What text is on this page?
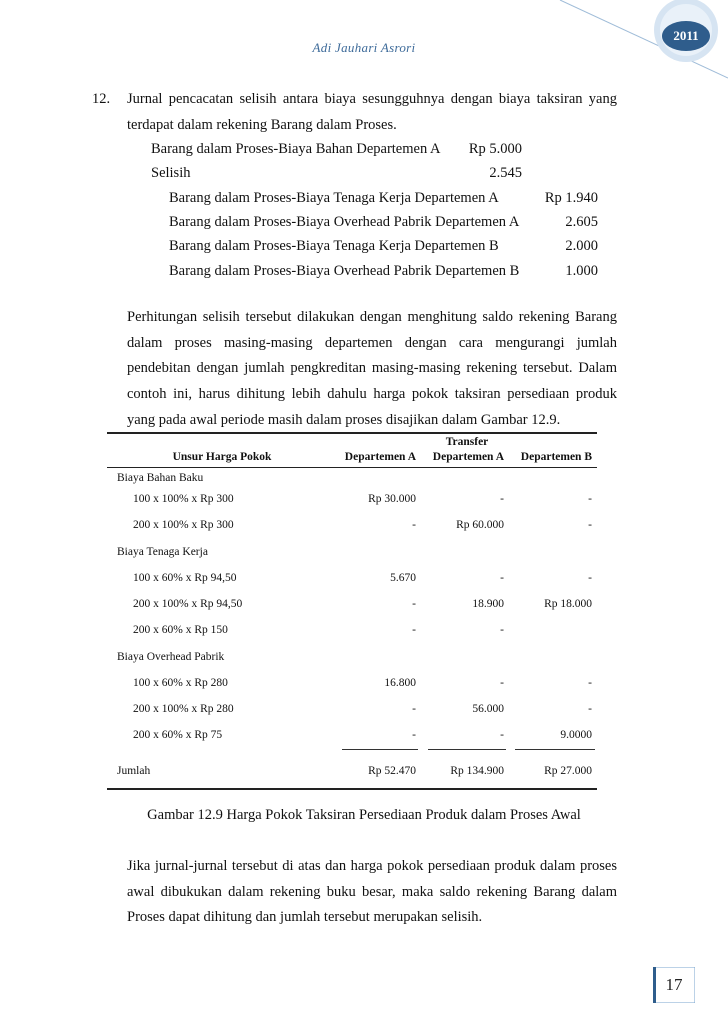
2011
Adi Jauhari Asrori
12. Jurnal pencacatan selisih antara biaya sesungguhnya dengan biaya taksiran yang
terdapat dalam rekening Barang dalam Proses.
Barang dalam Proses-Biaya Bahan Departemen A	Rp 5.000
Selisih	2.545
Barang dalam Proses-Biaya Tenaga Kerja Departemen A	Rp 1.940
Barang dalam Proses-Biaya Overhead Pabrik Departemen A	2.605
Barang dalam Proses-Biaya Tenaga Kerja Departemen B	2.000
Barang dalam Proses-Biaya Overhead Pabrik Departemen B	1.000
Perhitungan selisih tersebut dilakukan dengan menghitung saldo rekening Barang
dalam proses masing-masing departemen dengan cara mengurangi jumlah
pendebitan dengan jumlah pengkreditan masing-masing rekening tersebut. Dalam
contoh ini, harus dihitung lebih dahulu harga pokok taksiran persediaan produk
yang pada awal periode masih dalam proses disajikan dalam Gambar 12.9.
Transfer
Unsur Harga Pokok	Departemen A	Departemen A	Departemen B
Biaya Bahan Baku
100 x 100% x Rp 300	Rp 30.000	-	-
200 x 100% x Rp 300	-	Rp 60.000	-
Biaya Tenaga Kerja
100 x 60% x Rp 94,50	5.670	-	-
200 x 100% x Rp 94,50	-	18.900	Rp 18.000
200 x 60% x Rp 150	-	-
Biaya Overhead Pabrik
100 x 60% x Rp 280	16.800	-	-
200 x 100% x Rp 280	-	56.000	-
200 x 60% x Rp 75	-	-	9.0000
Jumlah	Rp 52.470	Rp 134.900	Rp 27.000
Gambar 12.9 Harga Pokok Taksiran Persediaan Produk dalam Proses Awal
Jika jurnal-jurnal tersebut di atas dan harga pokok persediaan produk dalam proses
awal dibukukan dalam rekening buku besar, maka saldo rekening Barang dalam
Proses dapat dihitung dan jumlah tersebut merupakan selisih.
17
